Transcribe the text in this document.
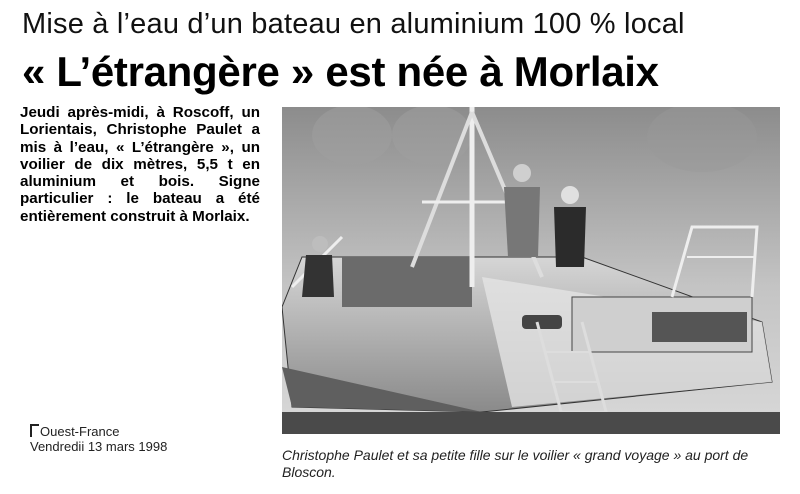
Mise à l’eau d’un bateau en aluminium 100 % local
« L’étrangère » est née à Morlaix

Jeudi après-midi, à Roscoff, un Lorientais, Christophe Paulet a mis à l’eau, « L’étrangère », un voilier de dix mètres, 5,5 t en aluminium et bois. Signe particulier : le bateau a été entièrement construit à Morlaix.

Ouest-France
Vendredii 13 mars 1998

Christophe Paulet et sa petite fille sur le voilier « grand voyage » au port de Bloscon.
